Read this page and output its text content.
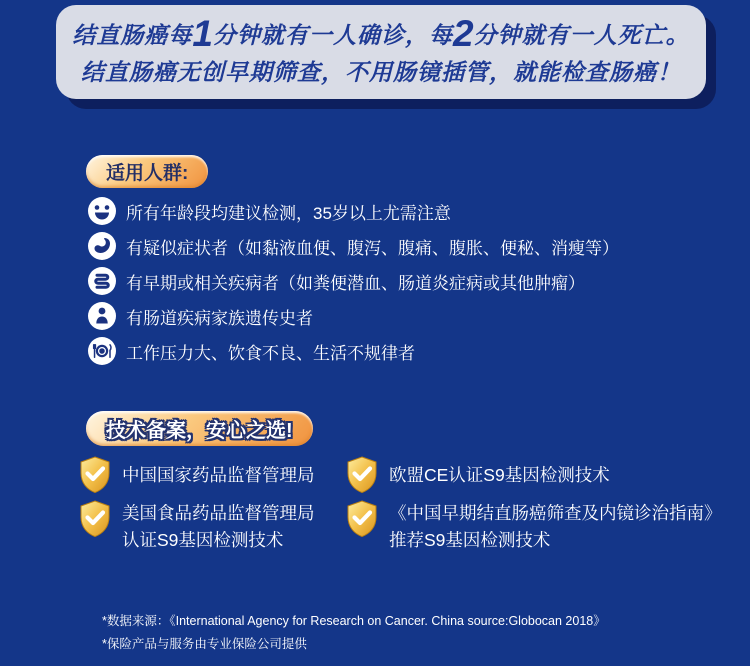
结直肠癌每1分钟就有一人确诊，每2分钟就有一人死亡。
结直肠癌无创早期筛查，不用肠镜插管，就能检查肠癌！
适用人群:
所有年龄段均建议检测，35岁以上尤需注意
有疑似症状者（如黏液血便、腹泻、腹痛、腹胀、便秘、消瘦等）
有早期或相关疾病者（如粪便潜血、肠道炎症病或其他肿瘤）
有肠道疾病家族遗传史者
工作压力大、饮食不良、生活不规律者
技术备案，安心之选!
中国国家药品监督管理局	欧盟CE认证S9基因检测技术
美国食品药品监督管理局
认证S9基因检测技术
《中国早期结直肠癌筛查及内镜诊治指南》
推荐S9基因检测技术
*数据来源：《International Agency for Research on Cancer. China source:Globocan 2018》
*保险产品与服务由专业保险公司提供
